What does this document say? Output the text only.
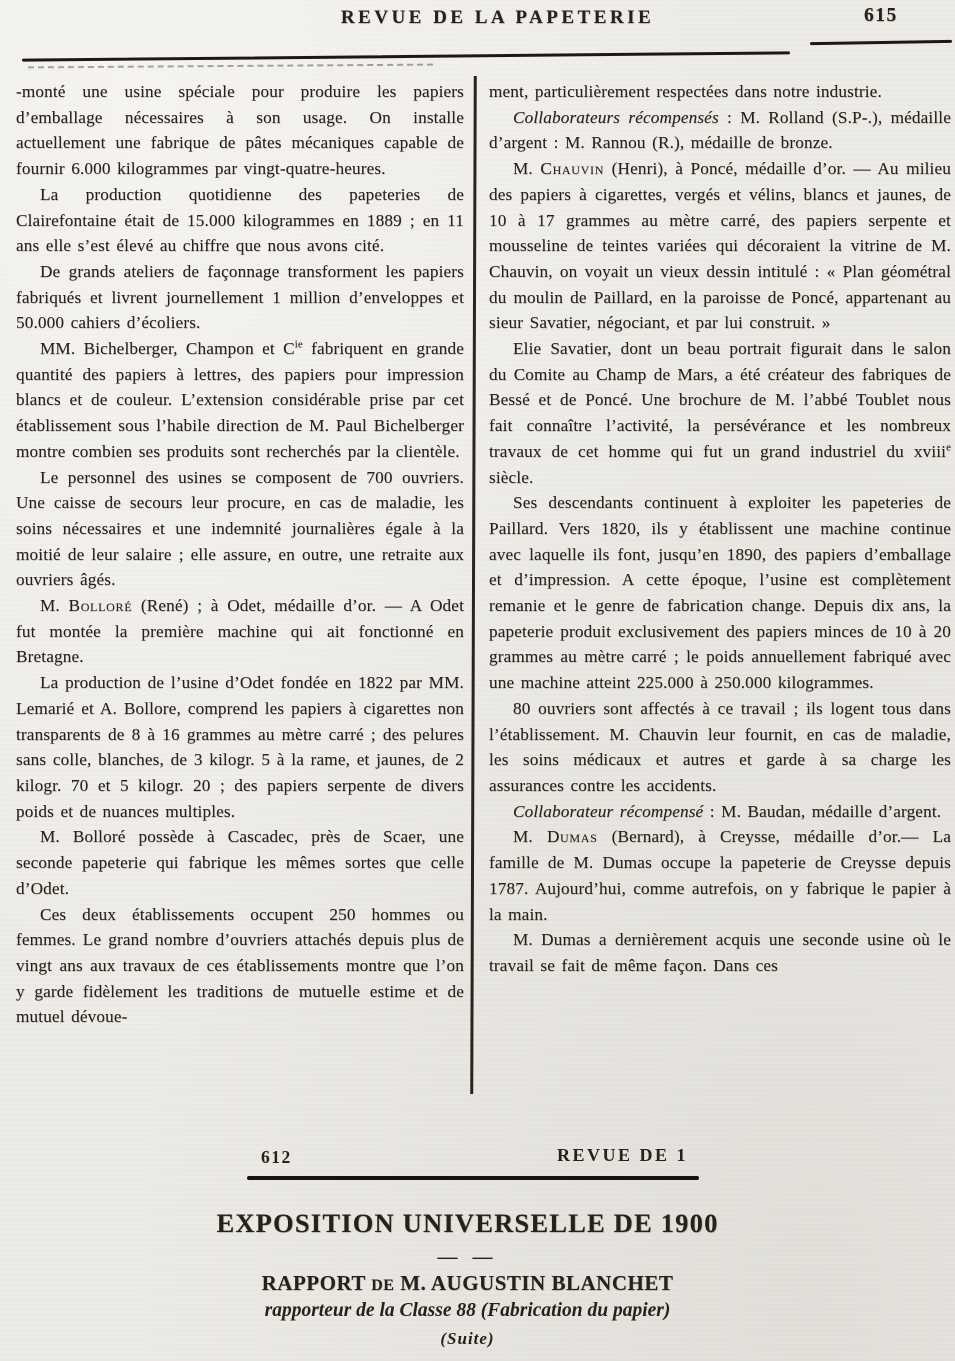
REVUE DE LA PAPETERIE	615

-monté une usine spéciale pour produire les papiers d’emballage nécessaires à son usage. On installe actuellement une fabrique de pâtes mécaniques capable de fournir 6.000 kilogrammes par vingt-quatre-heures.

La production quotidienne des papeteries de Clairefontaine était de 15.000 kilogrammes en 1889 ; en 11 ans elle s’est élevé au chiffre que nous avons cité.

De grands ateliers de façonnage transforment les papiers fabriqués et livrent journellement 1 million d’enveloppes et 50.000 cahiers d’écoliers.

MM. Bichelberger, Champon et $C^{ie}$ fabriquent en grande quantité des papiers à lettres, des papiers pour impression blancs et de couleur. L’extension considérable prise par cet établissement sous l’habile direction de M. Paul Bichelberger montre combien ses produits sont recherchés par la clientèle.

Le personnel des usines se composent de 700 ouvriers. Une caisse de secours leur procure, en cas de maladie, les soins nécessaires et une indemnité journalières égale à la moitié de leur salaire ; elle assure, en outre, une retraite aux ouvriers âgés.

M. Bolloré (René) ; à Odet, médaille d’or. — A Odet fut montée la première machine qui ait fonctionné en Bretagne.

La production de l’usine d’Odet fondée en 1822 par MM. Lemarié et A. Bollore, comprend les papiers à cigarettes non transparents de 8 à 16 grammes au mètre carré ; des pelures sans colle, blanches, de 3 kilogr. 5 à la rame, et jaunes, de 2 kilogr. 70 et 5 kilogr. 20 ; des papiers serpente de divers poids et de nuances multiples.

M. Bolloré possède à Cascadec, près de Scaer, une seconde papeterie qui fabrique les mêmes sortes que celle d’Odet.

Ces deux établissements occupent 250 hommes ou femmes. Le grand nombre d’ouvriers attachés depuis plus de vingt ans aux travaux de ces établissements montre que l’on y garde fidèlement les traditions de mutuelle estime et de mutuel dévoue-

ment, particulièrement respectées dans notre industrie.

Collaborateurs récompensés : M. Rolland (S.P-.), médaille d’argent : M. Rannou (R.), médaille de bronze.

M. Chauvin (Henri), à Poncé, médaille d’or. — Au milieu des papiers à cigarettes, vergés et vélins, blancs et jaunes, de 10 à 17 grammes au mètre carré, des papiers serpente et mousseline de teintes variées qui décoraient la vitrine de M. Chauvin, on voyait un vieux dessin intitulé : « Plan géométral du moulin de Paillard, en la paroisse de Poncé, appartenant au sieur Savatier, négociant, et par lui construit. »

Elie Savatier, dont un beau portrait figurait dans le salon du Comite au Champ de Mars, a été créateur des fabriques de Bessé et de Poncé. Une brochure de M. l’abbé Toublet nous fait connaître l’activité, la persévérance et les nombreux travaux de cet homme qui fut un grand industriel du xviii$^e$ siècle.

Ses descendants continuent à exploiter les papeteries de Paillard. Vers 1820, ils y établissent une machine continue avec laquelle ils font, jusqu’en 1890, des papiers d’emballage et d’impression. A cette époque, l’usine est complètement remanie et le genre de fabrication change. Depuis dix ans, la papeterie produit exclusivement des papiers minces de 10 à 20 grammes au mètre carré ; le poids annuellement fabriqué avec une machine atteint 225.000 à 250.000 kilogrammes.

80 ouvriers sont affectés à ce travail ; ils logent tous dans l’établissement. M. Chauvin leur fournit, en cas de maladie, les soins médicaux et autres et garde à sa charge les assurances contre les accidents.

Collaborateur récompensé : M. Baudan, médaille d’argent.

M. Dumas (Bernard), à Creysse, médaille d’or.— La famille de M. Dumas occupe la papeterie de Creysse depuis 1787. Aujourd’hui, comme autrefois, on y fabrique le papier à la main.

M. Dumas a dernièrement acquis une seconde usine où le travail se fait de même façon. Dans ces

612	REVUE DE 1
EXPOSITION UNIVERSELLE DE 1900
— —
RAPPORT DE M. AUGUSTIN BLANCHET
rapporteur de la Classe 88 (Fabrication du papier)
(Suite)
